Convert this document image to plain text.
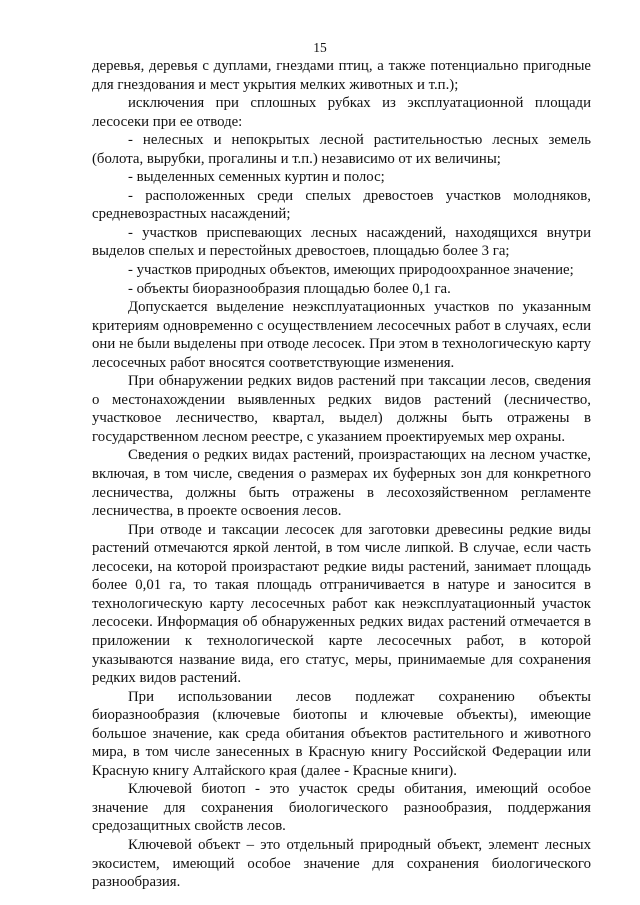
15

деревья, деревья с дуплами, гнездами птиц, а также потенциально пригодные для гнездования и мест укрытия мелких животных и т.п.);

исключения при сплошных рубках из эксплуатационной площади лесосеки при ее отводе:

- нелесных и непокрытых лесной растительностью лесных земель (болота, вырубки, прогалины и т.п.) независимо от их величины;

- выделенных семенных куртин и полос;

- расположенных среди спелых древостоев участков молодняков, средневозрастных насаждений;

- участков приспевающих лесных насаждений, находящихся внутри выделов спелых и перестойных древостоев, площадью более 3 га;

- участков природных объектов, имеющих природоохранное значение;

- объекты биоразнообразия площадью более 0,1 га.

Допускается выделение неэксплуатационных участков по указанным критериям одновременно с осуществлением лесосечных работ в случаях, если они не были выделены при отводе лесосек. При этом в технологическую карту лесосечных работ вносятся соответствующие изменения.

При обнаружении редких видов растений при таксации лесов, сведения о местонахождении выявленных редких видов растений (лесничество, участковое лесничество, квартал, выдел) должны быть отражены в государственном лесном реестре, с указанием проектируемых мер охраны.

Сведения о редких видах растений, произрастающих на лесном участке, включая, в том числе, сведения о размерах их буферных зон для конкретного лесничества, должны быть отражены в лесохозяйственном регламенте лесничества, в проекте освоения лесов.

При отводе и таксации лесосек для заготовки древесины редкие виды растений отмечаются яркой лентой, в том числе липкой. В случае, если часть лесосеки, на которой произрастают редкие виды растений, занимает площадь более 0,01 га, то такая площадь отграничивается в натуре и заносится в технологическую карту лесосечных работ как неэксплуатационный участок лесосеки. Информация об обнаруженных редких видах растений отмечается в приложении к технологической карте лесосечных работ, в которой указываются название вида, его статус, меры, принимаемые для сохранения редких видов растений.

При использовании лесов подлежат сохранению объекты биоразнообразия (ключевые биотопы и ключевые объекты), имеющие большое значение, как среда обитания объектов растительного и животного мира, в том числе занесенных в Красную книгу Российской Федерации или Красную книгу Алтайского края (далее - Красные книги).

Ключевой биотоп - это участок среды обитания, имеющий особое значение для сохранения биологического разнообразия, поддержания средозащитных свойств лесов.

Ключевой объект – это отдельный природный объект, элемент лесных экосистем, имеющий особое значение для сохранения биологического разнообразия.
